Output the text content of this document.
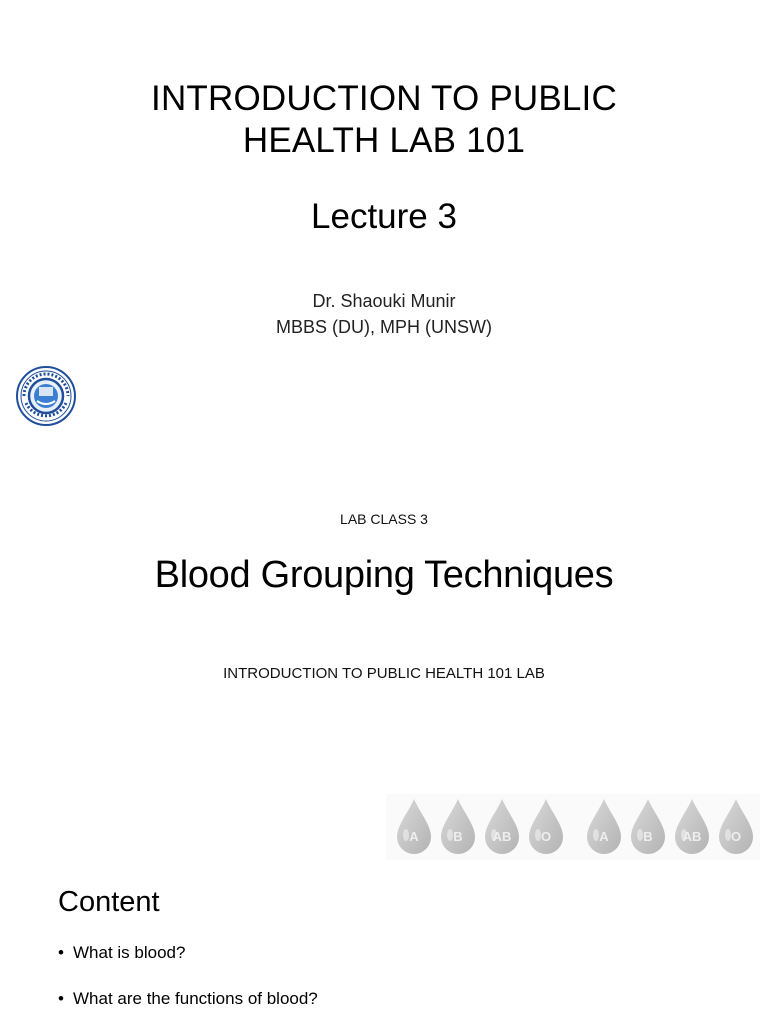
INTRODUCTION TO PUBLIC
HEALTH LAB 101
Lecture 3
Dr. Shaouki Munir
MBBS (DU), MPH (UNSW)
LAB CLASS 3
Blood Grouping Techniques
INTRODUCTION TO PUBLIC HEALTH 101 LAB
A	B	AB	O	A	B	AB	O
Content
• What is blood?
• What are the functions of blood?
